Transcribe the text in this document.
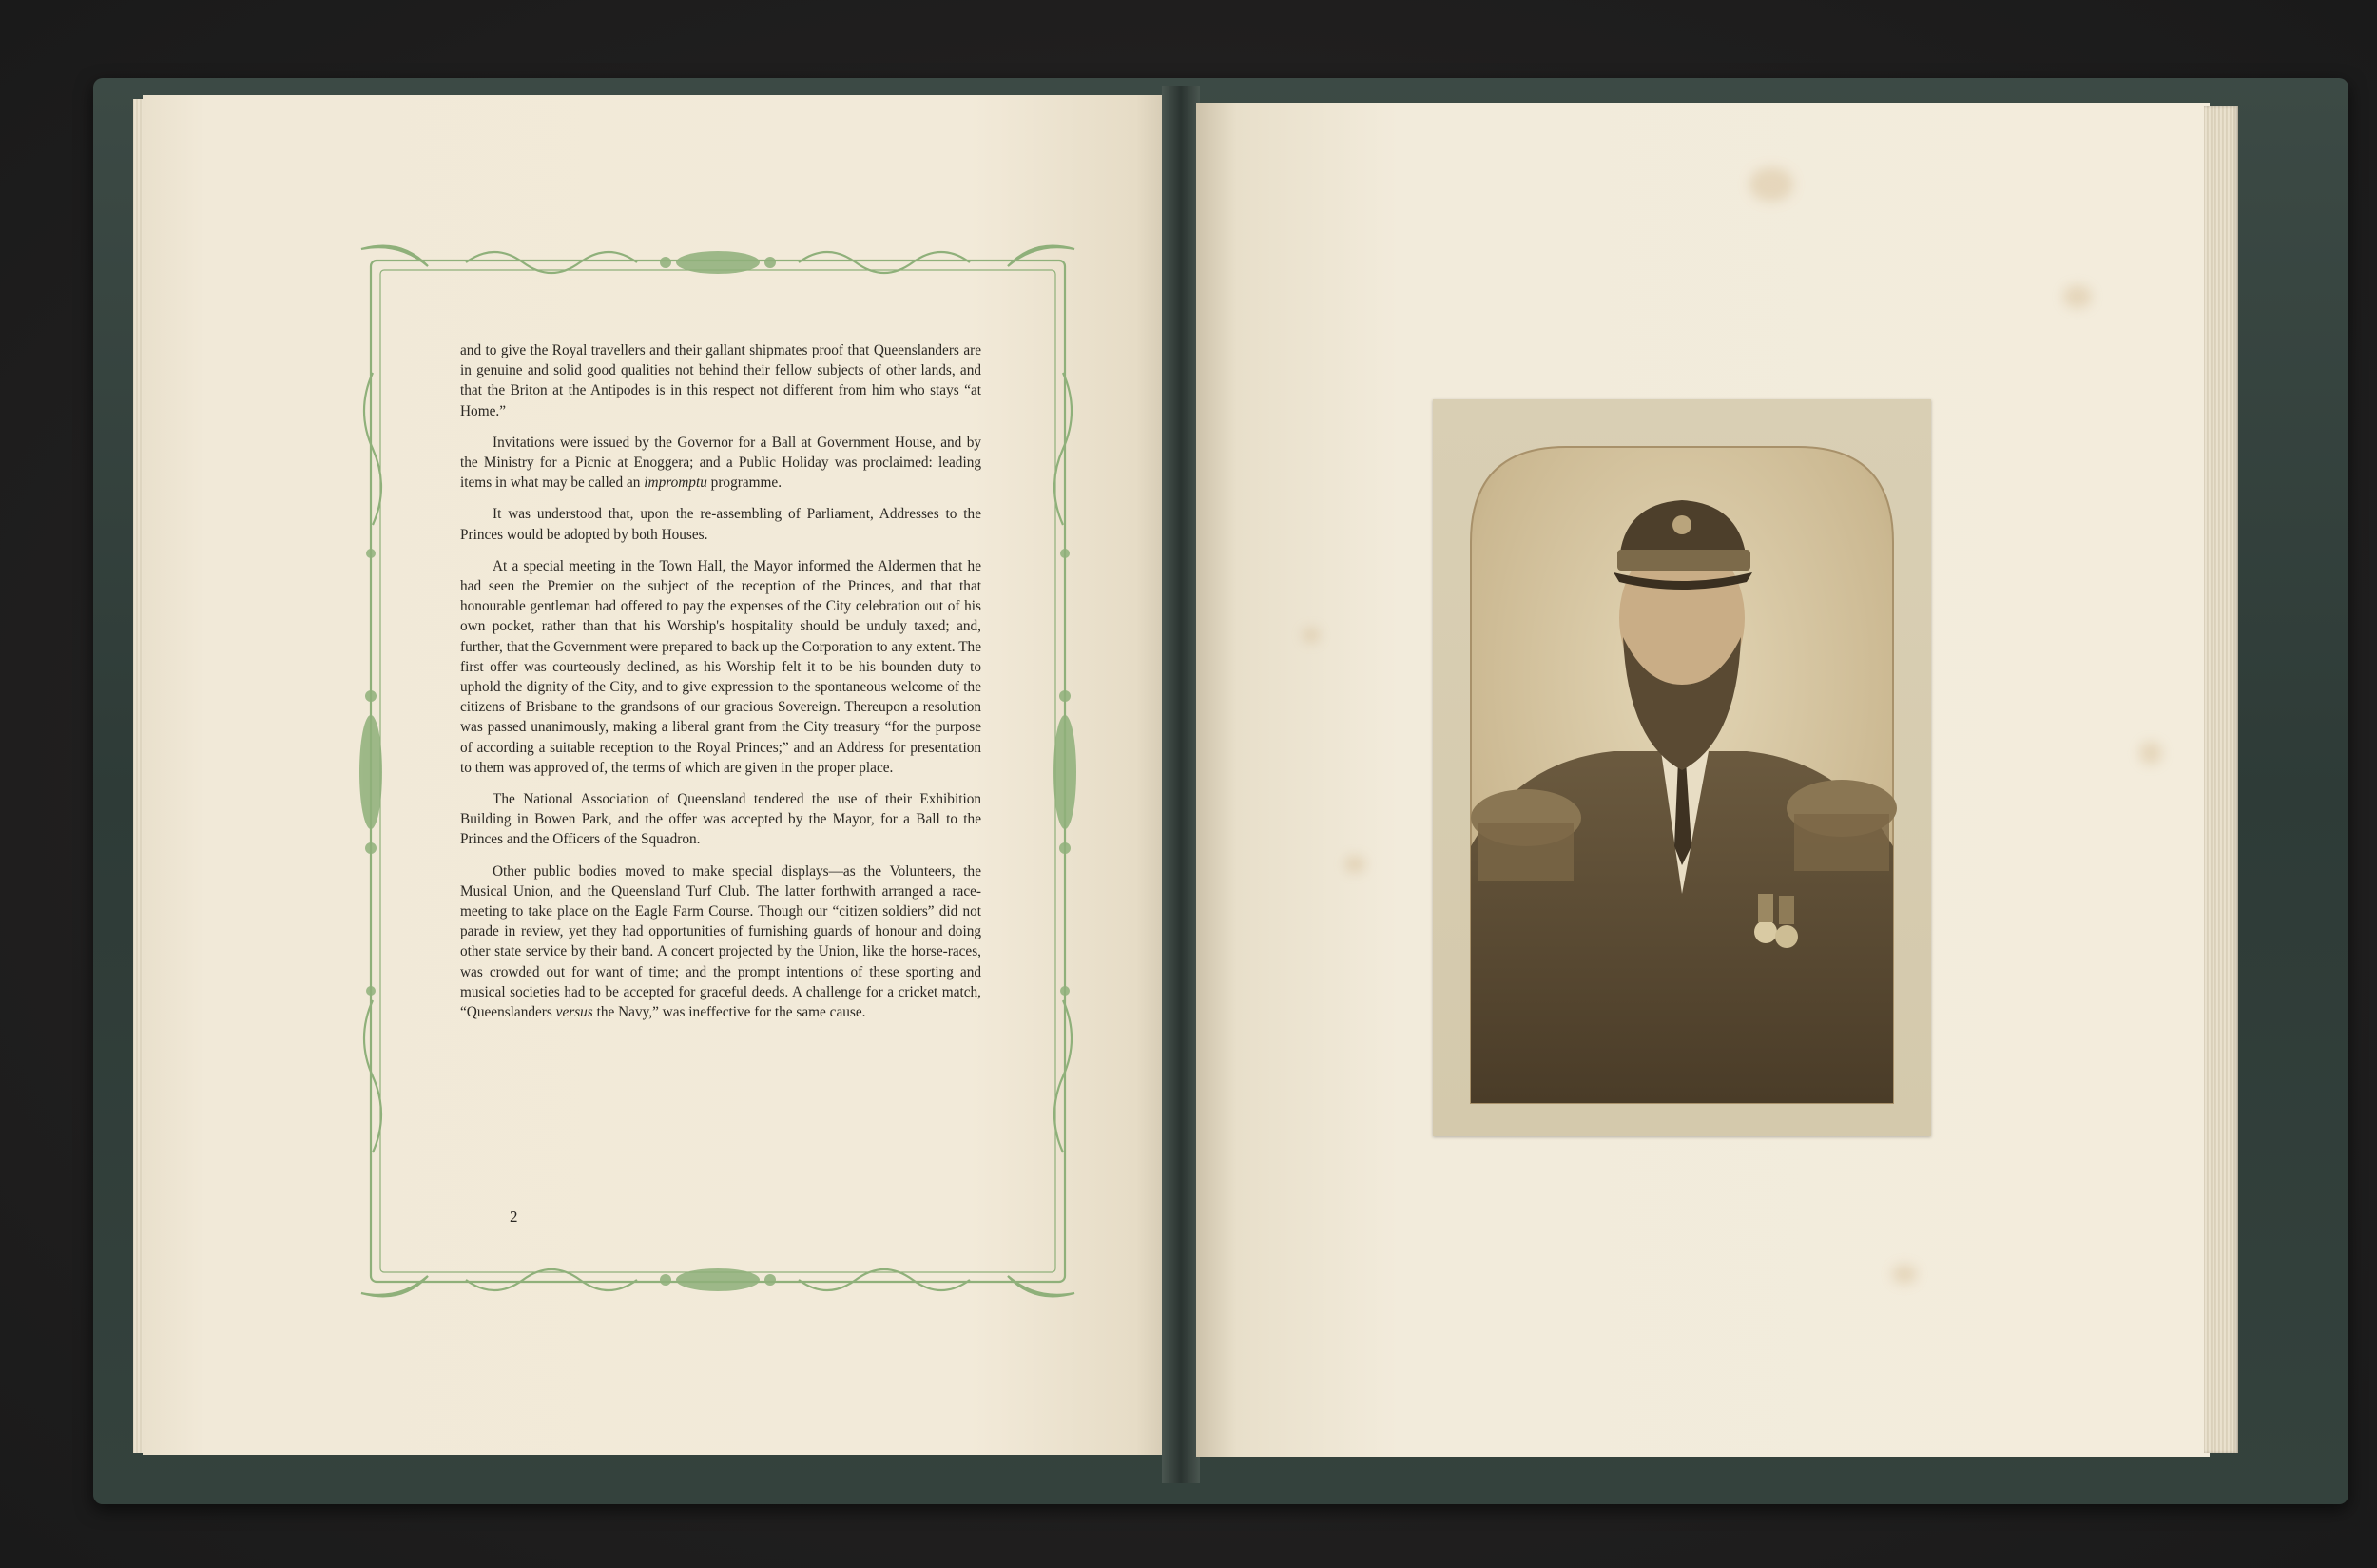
and to give the Royal travellers and their gallant shipmates proof that Queenslanders are in genuine and solid good qualities not behind their fellow subjects of other lands, and that the Briton at the Antipodes is in this respect not different from him who stays “at Home.”

Invitations were issued by the Governor for a Ball at Government House, and by the Ministry for a Picnic at Enoggera; and a Public Holiday was proclaimed: leading items in what may be called an impromptu programme.

It was understood that, upon the re-assembling of Parliament, Addresses to the Princes would be adopted by both Houses.

At a special meeting in the Town Hall, the Mayor informed the Aldermen that he had seen the Premier on the subject of the reception of the Princes, and that that honourable gentleman had offered to pay the expenses of the City celebration out of his own pocket, rather than that his Worship's hospitality should be unduly taxed; and, further, that the Government were prepared to back up the Corporation to any extent. The first offer was courteously declined, as his Worship felt it to be his bounden duty to uphold the dignity of the City, and to give expression to the spontaneous welcome of the citizens of Brisbane to the grandsons of our gracious Sovereign. Thereupon a resolution was passed unanimously, making a liberal grant from the City treasury “for the purpose of according a suitable reception to the Royal Princes;” and an Address for presentation to them was approved of, the terms of which are given in the proper place.

The National Association of Queensland tendered the use of their Exhibition Building in Bowen Park, and the offer was accepted by the Mayor, for a Ball to the Princes and the Officers of the Squadron.

Other public bodies moved to make special displays—as the Volunteers, the Musical Union, and the Queensland Turf Club. The latter forthwith arranged a race-meeting to take place on the Eagle Farm Course. Though our “citizen soldiers” did not parade in review, yet they had opportunities of furnishing guards of honour and doing other state service by their band. A concert projected by the Union, like the horse-races, was crowded out for want of time; and the prompt intentions of these sporting and musical societies had to be accepted for graceful deeds. A challenge for a cricket match, “Queenslanders versus the Navy,” was ineffective for the same cause.

2
